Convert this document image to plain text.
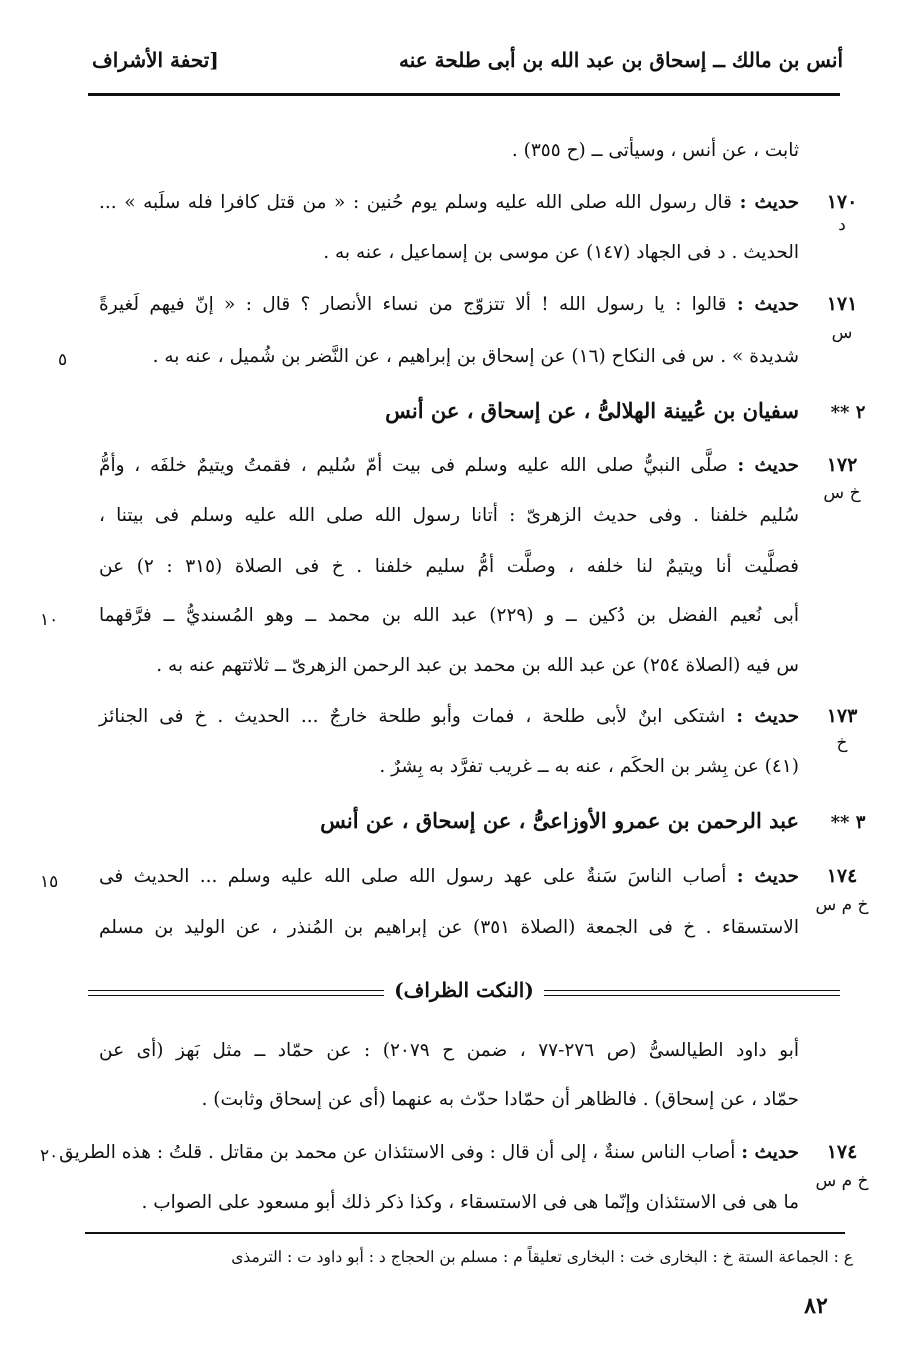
أنس بن مالك ــ إسحاق بن عبد الله بن أبى طلحة عنه
[تحفة الأشراف
ثابت ، عن أنس ، وسيأتى ــ (ح ٣٥٥) .
١٧٠
د
حديث : قال رسول الله صلى الله عليه وسلم يوم حُنين : « من قتل كافرا فله سلَبه » ...
الحديث . د فى الجهاد (١٤٧) عن موسى بن إسماعيل ، عنه به .
١٧١
س
حديث : قالوا : يا رسول الله ! ألا تتزوّج من نساء الأنصار ؟ قال : « إنّ فيهم لَغيرةً
شديدة » . س فى النكاح (١٦) عن إسحاق بن إبراهيم ، عن النَّضر بن شُميل ، عنه به .
٥
٢ **
سفيان بن عُيينة الهلالىُّ ، عن إسحاق ، عن أنس
١٧٢
خ س
حديث : صلَّى النبيُّ صلى الله عليه وسلم فى بيت أمّ سُليم ، فقمتُ ويتيمٌ خلفَه ، وأمُّ
سُليم خلفنا . وفى حديث الزهرىّ : أتانا رسول الله صلى الله عليه وسلم فى بيتنا ،
فصلَّيت أنا ويتيمٌ لنا خلفه ، وصلَّت أمُّ سليم خلفنا . خ فى الصلاة (٣١٥ : ٢) عن
أبى نُعيم الفضل بن دُكين ــ و (٢٢٩) عبد الله بن محمد ــ وهو المُسنديُّ ــ فرَّقهما
١٠
س فيه (الصلاة ٢٥٤) عن عبد الله بن محمد بن عبد الرحمن الزهرىّ ــ ثلاثتهم عنه به .
١٧٣
خ
حديث : اشتكى ابنٌ لأبى طلحة ، فمات وأبو طلحة خارجٌ ... الحديث . خ فى الجنائز
(٤١) عن بِشر بن الحكَم ، عنه به ــ غريب تفرَّد به بِشرٌ .
٣ **
عبد الرحمن بن عمرو الأوزاعىُّ ، عن إسحاق ، عن أنس
١٧٤
خ م س
حديث : أصاب الناسَ سَنةٌ على عهد رسول الله صلى الله عليه وسلم ... الحديث فى
١٥
الاستسقاء . خ فى الجمعة (الصلاة ٣٥١) عن إبراهيم بن المُنذر ، عن الوليد بن مسلم
(النكت الظراف)
أبو داود الطيالسىُّ (ص ٢٧٦-٧٧ ، ضمن ح ٢٠٧٩) : عن حمّاد ــ مثل بَهز (أى عن
حمّاد ، عن إسحاق) . فالظاهر أن حمّادا حدّث به عنهما (أى عن إسحاق وثابت) .
١٧٤
خ م س
حديث : أصاب الناس سنةٌ ، إلى أن قال : وفى الاستئذان عن محمد بن مقاتل . قلتُ : هذه الطريق
٢٠
ما هى فى الاستئذان وإنّما هى فى الاستسقاء ، وكذا ذكر ذلك أبو مسعود على الصواب .
ع : الجماعة الستة خ : البخارى خت : البخارى تعليقاً م : مسلم بن الحجاج د : أبو داود ت : الترمذى
٨٢
